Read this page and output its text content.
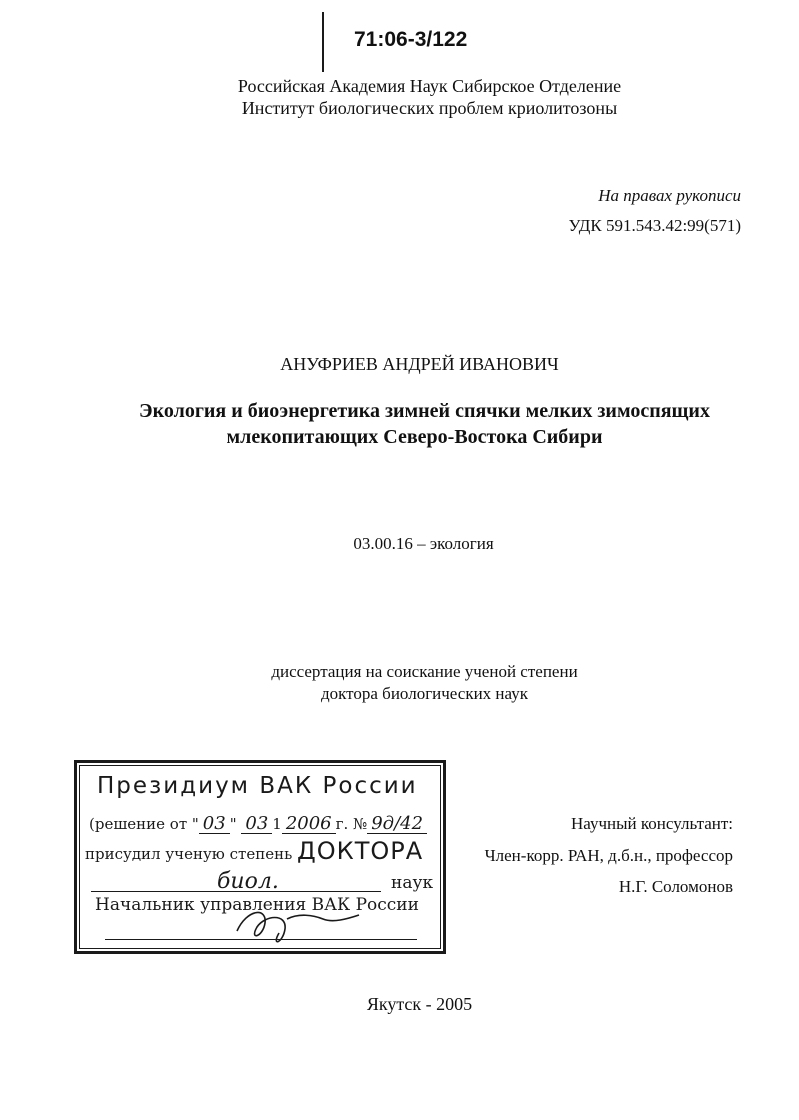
71:06-3/122
Российская Академия Наук Сибирское Отделение
Институт биологических проблем криолитозоны
На правах рукописи
УДК 591.543.42:99(571)
АНУФРИЕВ АНДРЕЙ ИВАНОВИЧ
Экология и биоэнергетика зимней спячки мелких зимоспящих
млекопитающих Северо-Востока Сибири
03.00.16 – экология
диссертация на соискание ученой степени
доктора биологических наук
Президиум ВАК России
(решение от " 03 " 03 1 2006 г. № 9д/42
присудил ученую степень ДОКТОРА
биол.	наук
Начальник управления ВАК России
Научный консультант:
Член-корр. РАН, д.б.н., профессор
Н.Г. Соломонов
Якутск - 2005
